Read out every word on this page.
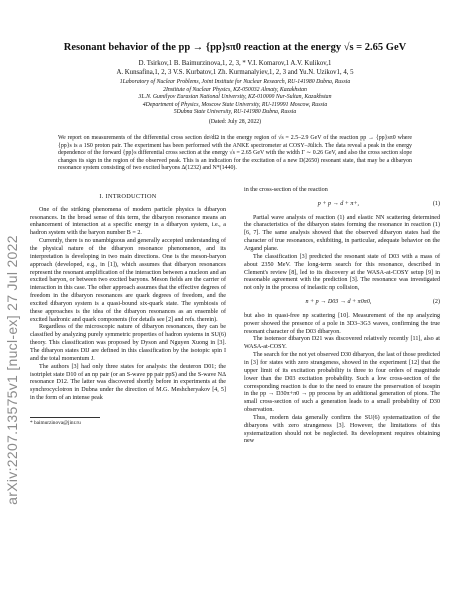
arXiv:2207.13575v1 [nucl-ex] 27 Jul 2022
Resonant behavior of the pp → {pp}sπ0 reaction at the energy √s = 2.65 GeV
D. Tsirkov,1 B. Baimurzinova,1, 2, 3, * V.I. Komarov,1 A.V. Kulikov,1
A. Kunsafina,1, 2, 3 V.S. Kurbatov,1 Zh. Kurmanalyiev,1, 2, 3 and Yu.N. Uzikov1, 4, 5
1Laboratory of Nuclear Problems, Joint Institute for Nuclear Research, RU-141980 Dubna, Russia
2Institute of Nuclear Physics, KZ-050032 Almaty, Kazakhstan
3L.N. Gumilyov Eurasian National University, KZ-010000 Nur-Sultan, Kazakhstan
4Department of Physics, Moscow State University, RU-119991 Moscow, Russia
5Dubna State University, RU-141980 Dubna, Russia
(Dated: July 28, 2022)
We report on measurements of the differential cross section dσ/dΩ in the energy region of √s = 2.5–2.9 GeV of the reaction pp → {pp}sπ0 where {pp}s is a 1S0 proton pair. The experiment has been performed with the ANKE spectrometer at COSY–Jülich. The data reveal a peak in the energy dependence of the forward {pp}s differential cross section at the energy √s = 2.65 GeV with the width Γ ∼ 0.26 GeV, and also the cross section slope changes its sign in the region of the observed peak. This is an indication for the excitation of a new D(2650) resonant state, that may be a dibaryon resonance system consisting of two excited baryons Δ(1232) and N*(1440).
I. INTRODUCTION

One of the striking phenomena of modern particle physics is dibaryon resonances. In the broad sense of this term, the dibaryon resonance means an enhancement of interaction at a specific energy in a dibaryon system, i.e., a hadron system with the baryon number B = 2.

Currently, there is no unambiguous and generally accepted understanding of the physical nature of the dibaryon resonance phenomenon, and its interpretation is developing in two main directions. One is the meson-baryon approach (developed, e.g., in [1]), which assumes that dibaryon resonances represent the resonant amplification of the interaction between a nucleon and an excited baryon, or between two excited baryons. Meson fields are the carrier of interaction in this case. The other approach assumes that the effective degrees of freedom in the dibaryon resonances are quark degrees of freedom, and the excited dibaryon system is a quasi-bound six-quark state. The symbiosis of these approaches is the idea of the dibaryon resonances as an ensemble of excited hadronic and quark components (for details see [2] and refs. therein).

Regardless of the microscopic nature of dibaryon resonances, they can be classified by analyzing purely symmetric properties of hadron systems in SU(6) theory. This classification was proposed by Dyson and Nguyen Xuong in [3]. The dibaryon states DIJ are defined in this classification by the isotopic spin I and the total momentum J.

The authors [3] had only three states for analysis: the deuteron D01; the isotriplet state D10 of an np pair (or an S-wave pp pair ppS) and the S-wave NΔ resonance D12. The latter was discovered shortly before in experiments at the synchrocyclotron in Dubna under the direction of M.G. Meshcheryakov [4, 5] in the form of an intense peak

* baimurzinova@jinr.ru

in the cross-section of the reaction

p + p → d + π+,	(1)

Partial wave analysis of reaction (1) and elastic NN scattering determined the characteristics of the dibaryon states forming the resonance in reaction (1) [6, 7]. The same analysis showed that the observed dibaryon states had the character of true resonances, exhibiting, in particular, adequate behavior on the Argand plane.

The classification [3] predicted the resonant state of D03 with a mass of about 2350 MeV. The long-term search for this resonance, described in Clement's review [8], led to its discovery at the WASA-at-COSY setup [9] in reasonable agreement with the prediction [3]. The resonance was investigated not only in the process of inelastic np collision,

n + p → D03 → d + π0π0,	(2)

but also in quasi-free np scattering [10]. Measurement of the np analyzing power showed the presence of a pole in 3D3–3G3 waves, confirming the true resonant character of the D03 dibaryon.

The isotensor dibaryon D21 was discovered relatively recently [11], also at WASA-at-COSY.

The search for the not yet observed D30 dibaryon, the last of those predicted in [3] for states with zero strangeness, showed in the experiment [12] that the upper limit of its excitation probability is three to four orders of magnitude lower than the D03 excitation probability. Such a low cross-section of the corresponding reaction is due to the need to ensure the preservation of isospin in the pp → D30π+π0 → pp process by an additional generation of pions. The small cross-section of such a generation leads to a small probability of D30 observation.

Thus, modern data generally confirm the SU(6) systematization of the dibaryons with zero strangeness [3]. However, the limitations of this systematization should not be neglected. Its development requires obtaining new
